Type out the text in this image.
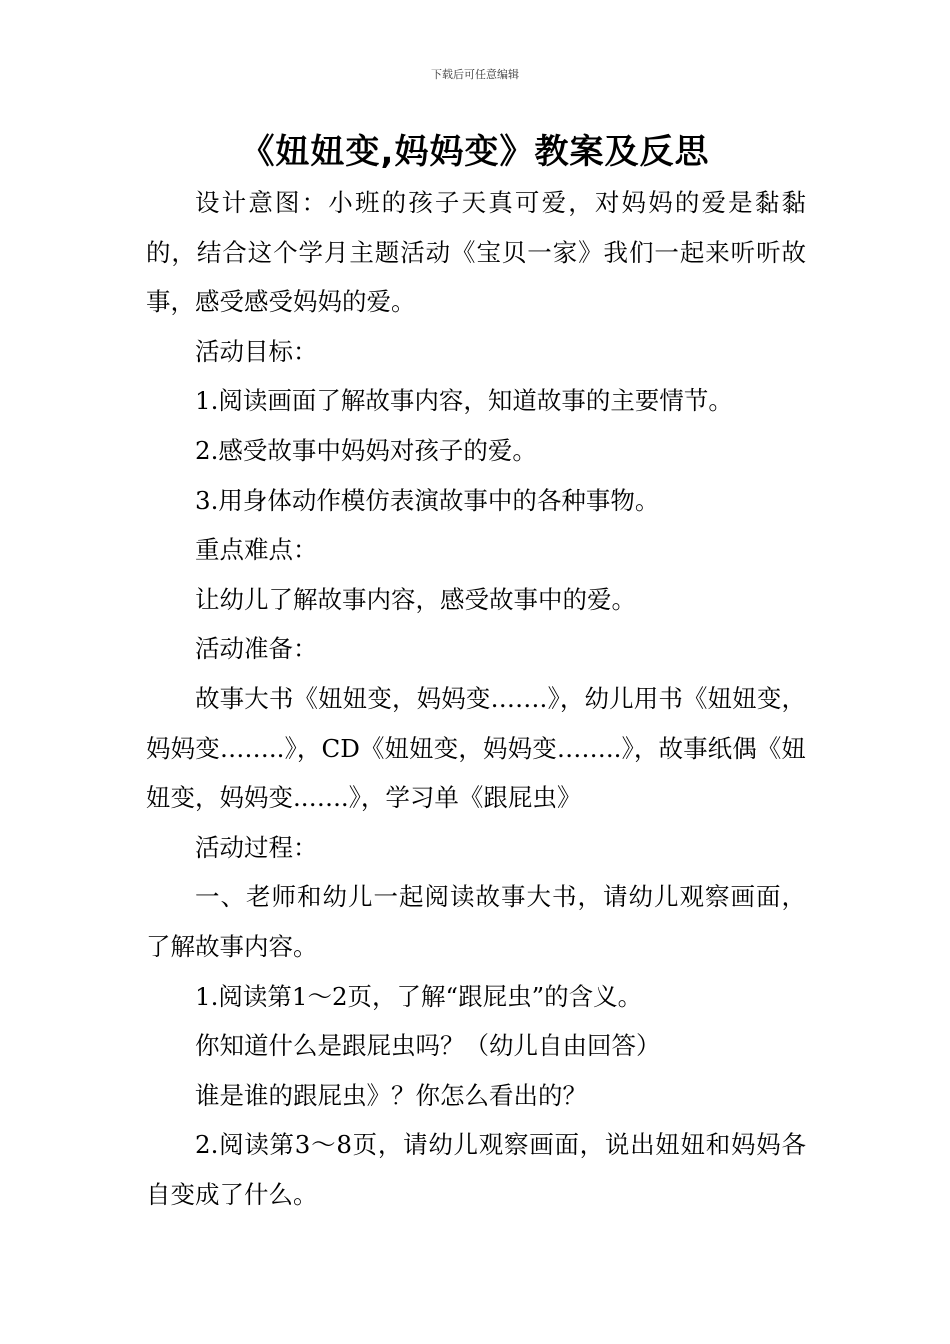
下载后可任意编辑
《妞妞变,妈妈变》教案及反思

设计意图：小班的孩子天真可爱，对妈妈的爱是黏黏的，结合这个学月主题活动《宝贝一家》我们一起来听听故事，感受感受妈妈的爱。

活动目标：

1.阅读画面了解故事内容，知道故事的主要情节。

2.感受故事中妈妈对孩子的爱。

3.用身体动作模仿表演故事中的各种事物。

重点难点：

让幼儿了解故事内容，感受故事中的爱。

活动准备：

故事大书《妞妞变，妈妈变…….》，幼儿用书《妞妞变，妈妈变……..》，CD《妞妞变，妈妈变……..》，故事纸偶《妞妞变，妈妈变..…..》，学习单《跟屁虫》

活动过程：

一、老师和幼儿一起阅读故事大书，请幼儿观察画面，了解故事内容。

1.阅读第1～2页，了解“跟屁虫”的含义。

你知道什么是跟屁虫吗？（幼儿自由回答）

谁是谁的跟屁虫》？你怎么看出的？

2.阅读第3～8页，请幼儿观察画面，说出妞妞和妈妈各自变成了什么。
